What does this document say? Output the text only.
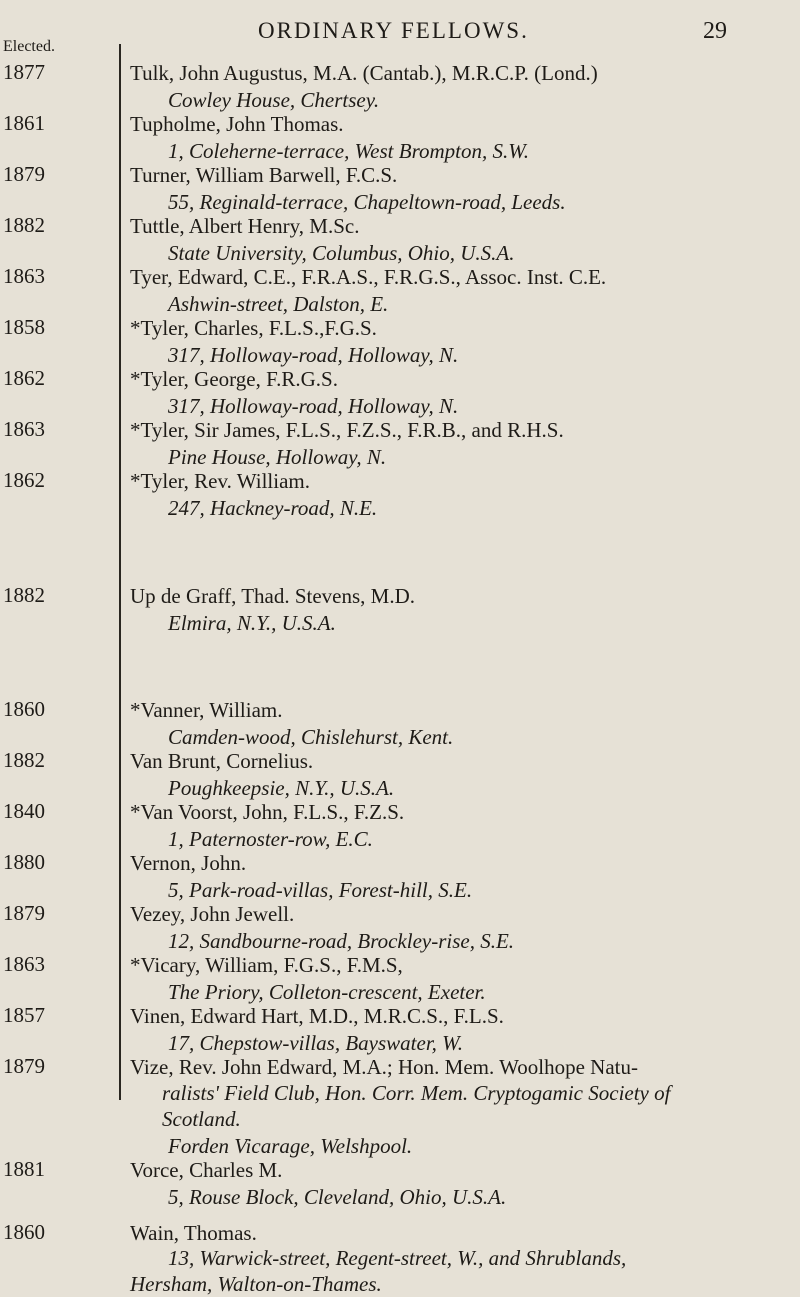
ORDINARY FELLOWS.	29
Elected.
1877	Tulk, John Augustus, M.A. (Cantab.), M.R.C.P. (Lond.)
Cowley House, Chertsey.
1861	Tupholme, John Thomas.
1, Coleherne-terrace, West Brompton, S.W.
1879	Turner, William Barwell, F.C.S.
55, Reginald-terrace, Chapeltown-road, Leeds.
1882	Tuttle, Albert Henry, M.Sc.
State University, Columbus, Ohio, U.S.A.
1863	Tyer, Edward, C.E., F.R.A.S., F.R.G.S., Assoc. Inst. C.E.
Ashwin-street, Dalston, E.
1858	*Tyler, Charles, F.L.S.,F.G.S.
317, Holloway-road, Holloway, N.
1862	*Tyler, George, F.R.G.S.
317, Holloway-road, Holloway, N.
1863	*Tyler, Sir James, F.L.S., F.Z.S., F.R.B., and R.H.S.
Pine House, Holloway, N.
1862	*Tyler, Rev. William.
247, Hackney-road, N.E.
1882	Up de Graff, Thad. Stevens, M.D.
Elmira, N.Y., U.S.A.
1860	*Vanner, William.
Camden-wood, Chislehurst, Kent.
1882	Van Brunt, Cornelius.
Poughkeepsie, N.Y., U.S.A.
1840	*Van Voorst, John, F.L.S., F.Z.S.
1, Paternoster-row, E.C.
1880	Vernon, John.
5, Park-road-villas, Forest-hill, S.E.
1879	Vezey, John Jewell.
12, Sandbourne-road, Brockley-rise, S.E.
1863	*Vicary, William, F.G.S., F.M.S,
The Priory, Colleton-crescent, Exeter.
1857	Vinen, Edward Hart, M.D., M.R.C.S., F.L.S.
17, Chepstow-villas, Bayswater, W.
1879	Vize, Rev. John Edward, M.A.; Hon. Mem. Woolhope Natu-
ralists' Field Club, Hon. Corr. Mem. Cryptogamic Society of
Scotland.
Forden Vicarage, Welshpool.
1881	Vorce, Charles M.
5, Rouse Block, Cleveland, Ohio, U.S.A.
1860	Wain, Thomas.
13, Warwick-street, Regent-street, W., and Shrublands,
Hersham, Walton-on-Thames.
